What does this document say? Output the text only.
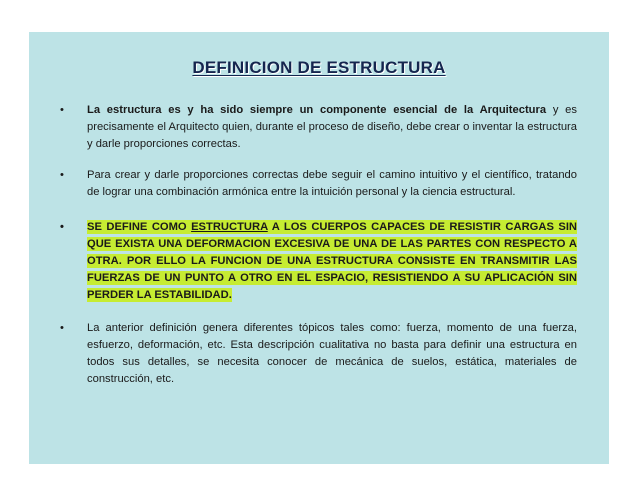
DEFINICION DE ESTRUCTURA
• La estructura es y ha sido siempre un componente esencial de la Arquitectura y es precisamente el Arquitecto quien, durante el proceso de diseño, debe crear o inventar la estructura y darle proporciones correctas.
• Para crear y darle proporciones correctas debe seguir el camino intuitivo y el científico, tratando de lograr una combinación armónica entre la intuición personal y la ciencia estructural.
• SE DEFINE COMO ESTRUCTURA A LOS CUERPOS CAPACES DE RESISTIR CARGAS SIN QUE EXISTA UNA DEFORMACION EXCESIVA DE UNA DE LAS PARTES CON RESPECTO A OTRA. POR ELLO LA FUNCION DE UNA ESTRUCTURA CONSISTE EN TRANSMITIR LAS FUERZAS DE UN PUNTO A OTRO EN EL ESPACIO, RESISTIENDO A SU APLICACIÓN SIN PERDER LA ESTABILIDAD.
• La anterior definición genera diferentes tópicos tales como: fuerza, momento de una fuerza, esfuerzo, deformación, etc. Esta descripción cualitativa no basta para definir una estructura en todos sus detalles, se necesita conocer de mecánica de suelos, estática, materiales de construcción, etc.
